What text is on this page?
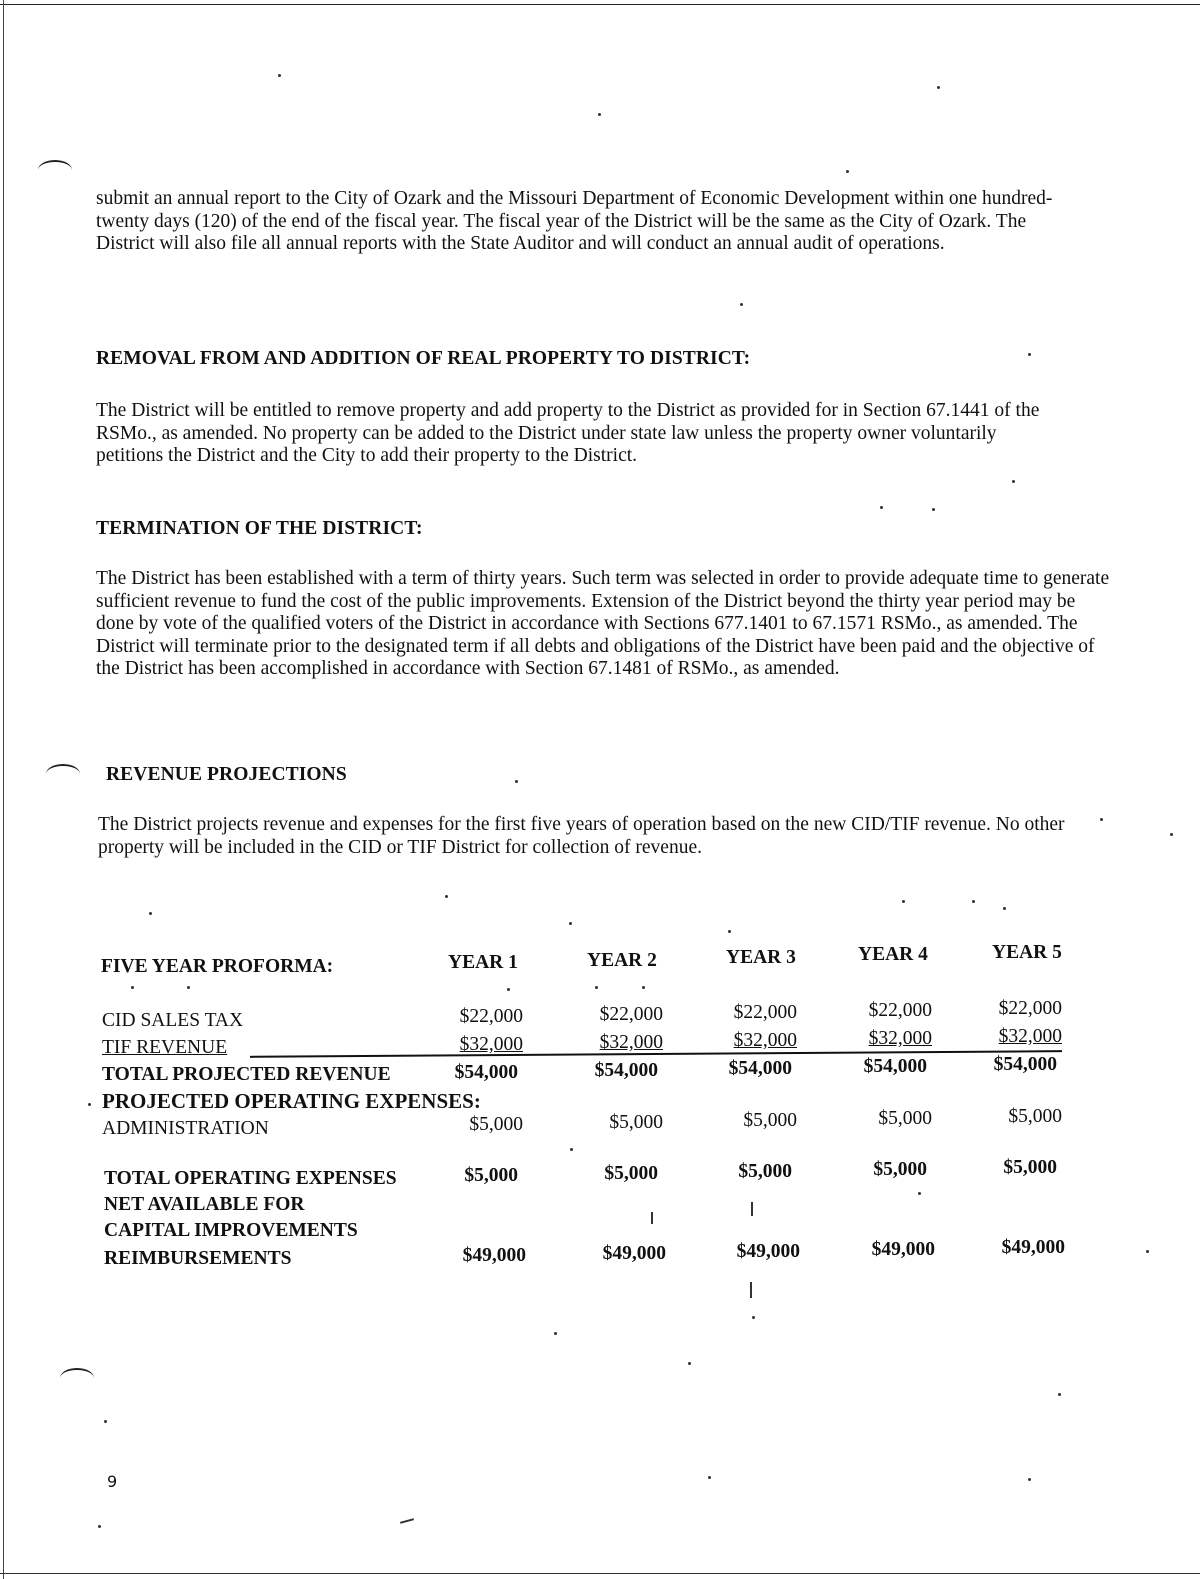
submit an annual report to the City of Ozark and the Missouri Department of Economic Development within one hundred-twenty days (120) of the end of the fiscal year. The fiscal year of the District will be the same as the City of Ozark. The District will also file all annual reports with the State Auditor and will conduct an annual audit of operations.

REMOVAL FROM AND ADDITION OF REAL PROPERTY TO DISTRICT:

The District will be entitled to remove property and add property to the District as provided for in Section 67.1441 of the RSMo., as amended. No property can be added to the District under state law unless the property owner voluntarily petitions the District and the City to add their property to the District.

TERMINATION OF THE DISTRICT:

The District has been established with a term of thirty years. Such term was selected in order to provide adequate time to generate sufficient revenue to fund the cost of the public improvements. Extension of the District beyond the thirty year period may be done by vote of the qualified voters of the District in accordance with Sections 677.1401 to 67.1571 RSMo., as amended. The District will terminate prior to the designated term if all debts and obligations of the District have been paid and the objective of the District has been accomplished in accordance with Section 67.1481 of RSMo., as amended.

REVENUE PROJECTIONS

The District projects revenue and expenses for the first five years of operation based on the new CID/TIF revenue. No other property will be included in the CID or TIF District for collection of revenue.

FIVE YEAR PROFORMA:	YEAR 1	YEAR 2	YEAR 3	YEAR 4	YEAR 5

CID SALES TAX	$22,000	$22,000	$22,000	$22,000	$22,000

TIF REVENUE	$32,000	$32,000	$32,000	$32,000	$32,000

TOTAL PROJECTED REVENUE	$54,000	$54,000	$54,000	$54,000	$54,000

PROJECTED OPERATING EXPENSES:

ADMINISTRATION	$5,000	$5,000	$5,000	$5,000	$5,000

TOTAL OPERATING EXPENSES	$5,000	$5,000	$5,000	$5,000	$5,000

NET AVAILABLE FOR

CAPITAL IMPROVEMENTS

REIMBURSEMENTS	$49,000	$49,000	$49,000	$49,000	$49,000

9
